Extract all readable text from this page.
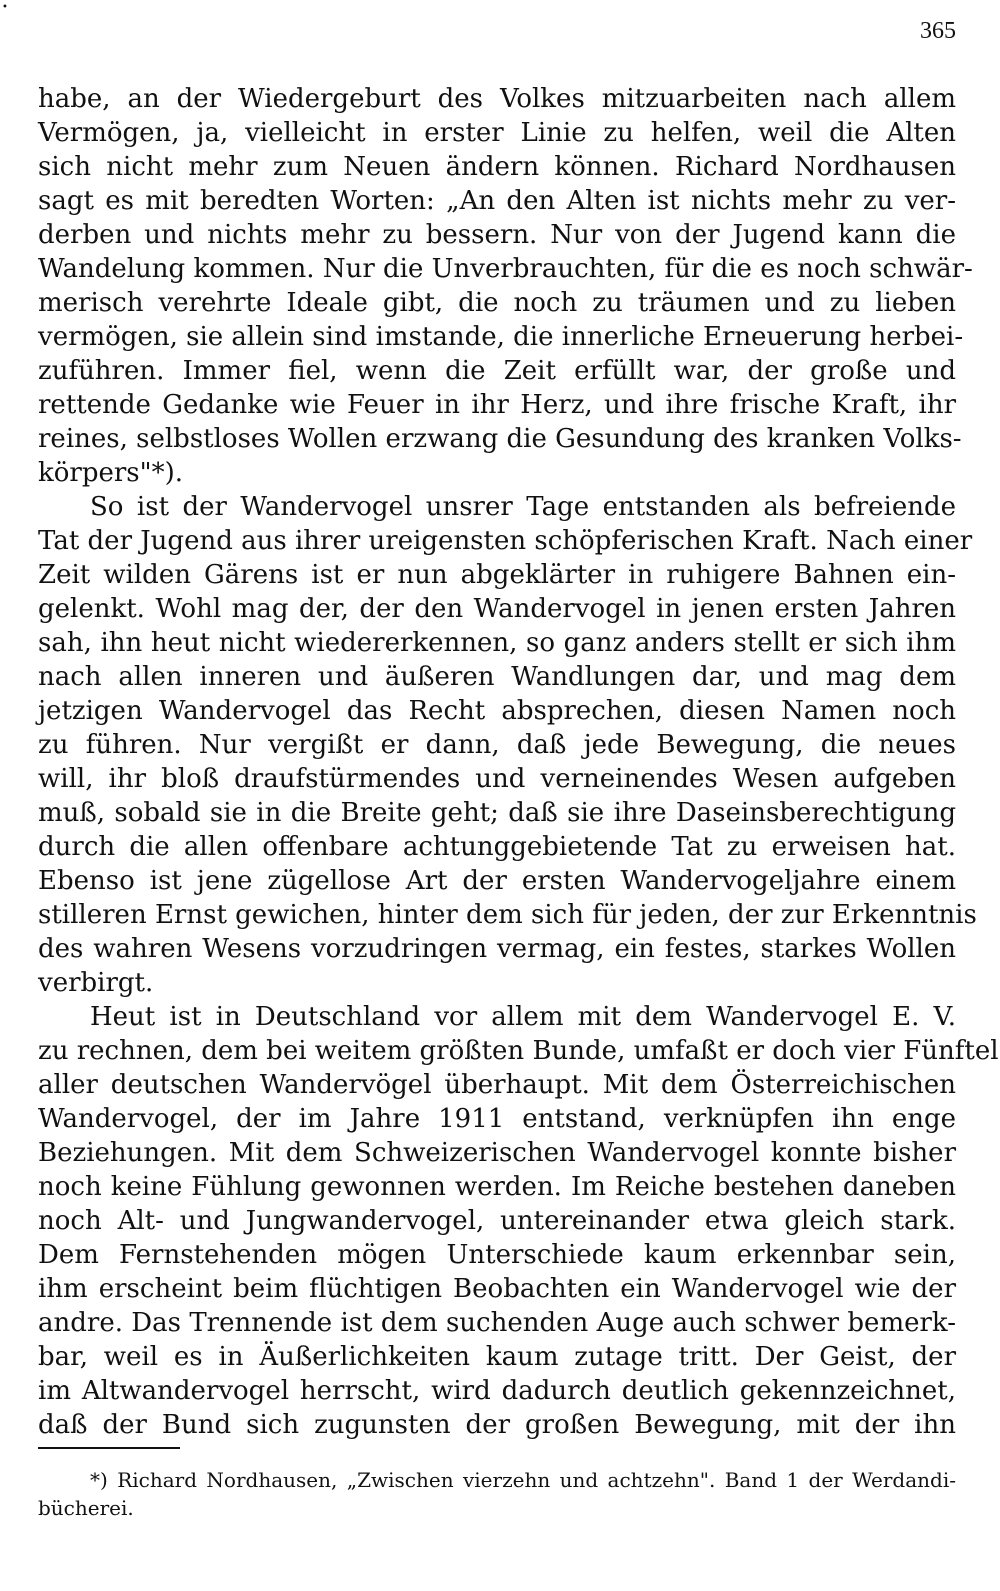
•
365
habe, an der Wiedergeburt des Volkes mitzuarbeiten nach allem
Vermögen, ja, vielleicht in erster Linie zu helfen, weil die Alten
sich nicht mehr zum Neuen ändern können. Richard Nordhausen
sagt es mit beredten Worten: „An den Alten ist nichts mehr zu ver-
derben und nichts mehr zu bessern. Nur von der Jugend kann die
Wandelung kommen. Nur die Unverbrauchten, für die es noch schwär-
merisch verehrte Ideale gibt, die noch zu träumen und zu lieben
vermögen, sie allein sind imstande, die innerliche Erneuerung herbei-
zuführen. Immer fiel, wenn die Zeit erfüllt war, der große und
rettende Gedanke wie Feuer in ihr Herz, und ihre frische Kraft, ihr
reines, selbstloses Wollen erzwang die Gesundung des kranken Volks-
körpers"*).
So ist der Wandervogel unsrer Tage entstanden als befreiende
Tat der Jugend aus ihrer ureigensten schöpferischen Kraft. Nach einer
Zeit wilden Gärens ist er nun abgeklärter in ruhigere Bahnen ein-
gelenkt. Wohl mag der, der den Wandervogel in jenen ersten Jahren
sah, ihn heut nicht wiedererkennen, so ganz anders stellt er sich ihm
nach allen inneren und äußeren Wandlungen dar, und mag dem
jetzigen Wandervogel das Recht absprechen, diesen Namen noch
zu führen. Nur vergißt er dann, daß jede Bewegung, die neues
will, ihr bloß draufstürmendes und verneinendes Wesen aufgeben
muß, sobald sie in die Breite geht; daß sie ihre Daseinsberechtigung
durch die allen offenbare achtunggebietende Tat zu erweisen hat.
Ebenso ist jene zügellose Art der ersten Wandervogeljahre einem
stilleren Ernst gewichen, hinter dem sich für jeden, der zur Erkenntnis
des wahren Wesens vorzudringen vermag, ein festes, starkes Wollen
verbirgt.
Heut ist in Deutschland vor allem mit dem Wandervogel E. V.
zu rechnen, dem bei weitem größten Bunde, umfaßt er doch vier Fünftel
aller deutschen Wandervögel überhaupt. Mit dem Österreichischen
Wandervogel, der im Jahre 1911 entstand, verknüpfen ihn enge
Beziehungen. Mit dem Schweizerischen Wandervogel konnte bisher
noch keine Fühlung gewonnen werden. Im Reiche bestehen daneben
noch Alt- und Jungwandervogel, untereinander etwa gleich stark.
Dem Fernstehenden mögen Unterschiede kaum erkennbar sein,
ihm erscheint beim flüchtigen Beobachten ein Wandervogel wie der
andre. Das Trennende ist dem suchenden Auge auch schwer bemerk-
bar, weil es in Äußerlichkeiten kaum zutage tritt. Der Geist, der
im Altwandervogel herrscht, wird dadurch deutlich gekennzeichnet,
daß der Bund sich zugunsten der großen Bewegung, mit der ihn
*) Richard Nordhausen, „Zwischen vierzehn und achtzehn". Band 1 der Werdandi-
bücherei.
